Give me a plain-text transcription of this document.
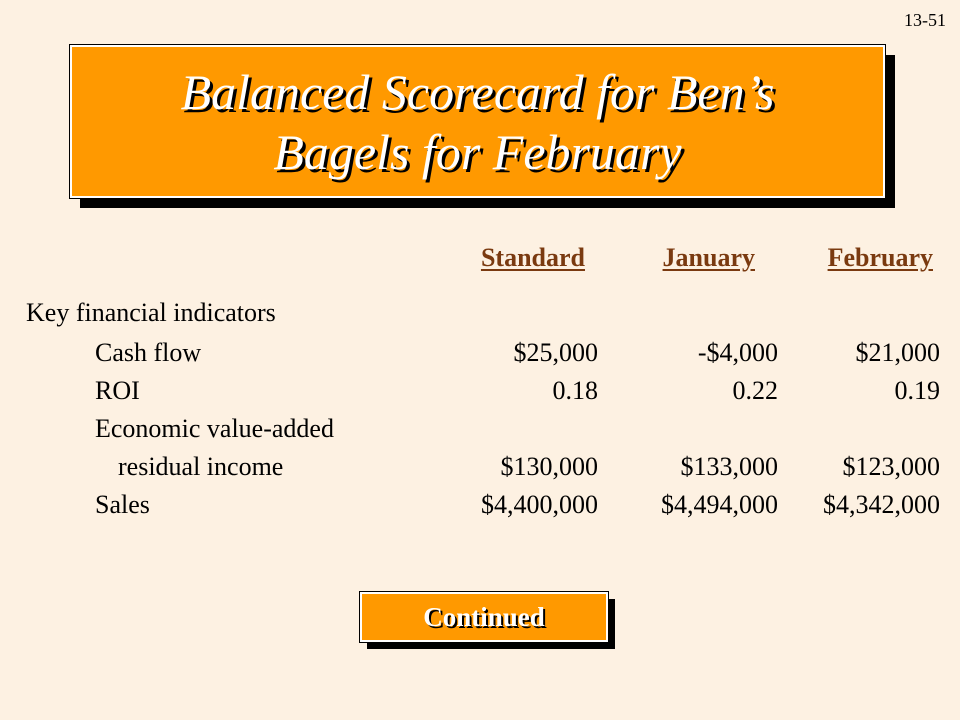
13-51

Balanced Scorecard for Ben’s
Bagels for February

Standard	January	February
Key financial indicators
Cash flow	$25,000	-$4,000	$21,000
ROI	0.18	0.22	0.19
Economic value-added
residual income	$130,000	$133,000 $123,000
Sales	$4,400,000 $4,494,000 $4,342,000
Continued
